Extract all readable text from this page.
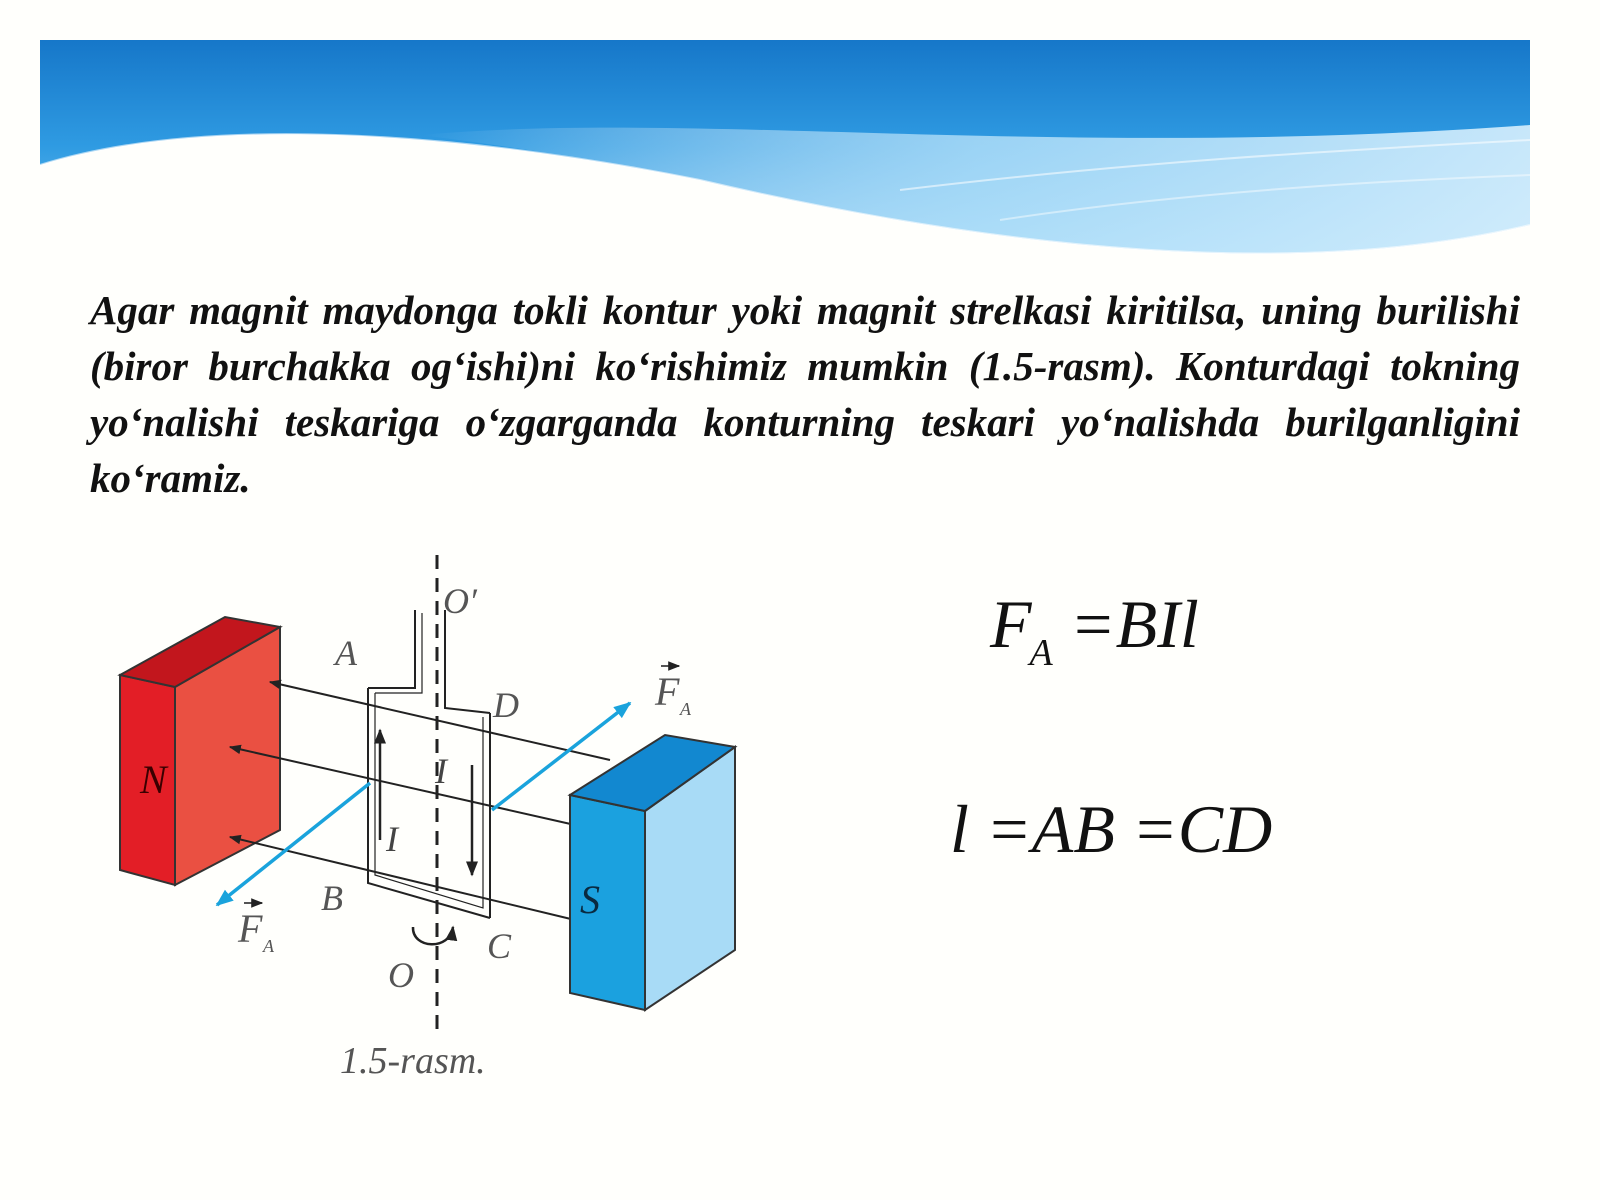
Agar magnit maydonga tokli kontur yoki magnit strelkasi kiritilsa, uning burilishi (biror burchakka og‘ishi)ni ko‘rishimiz mumkin (1.5-rasm). Konturdagi tokning yo‘nalishi teskariga o‘zgarganda konturning teskari yo‘nalishda burilganligini ko‘ramiz.

N	I
I
A
D
B
C
O′
O
F A
F A
S
1.5-rasm.

$F_A =BIl$

l =AB =CD
